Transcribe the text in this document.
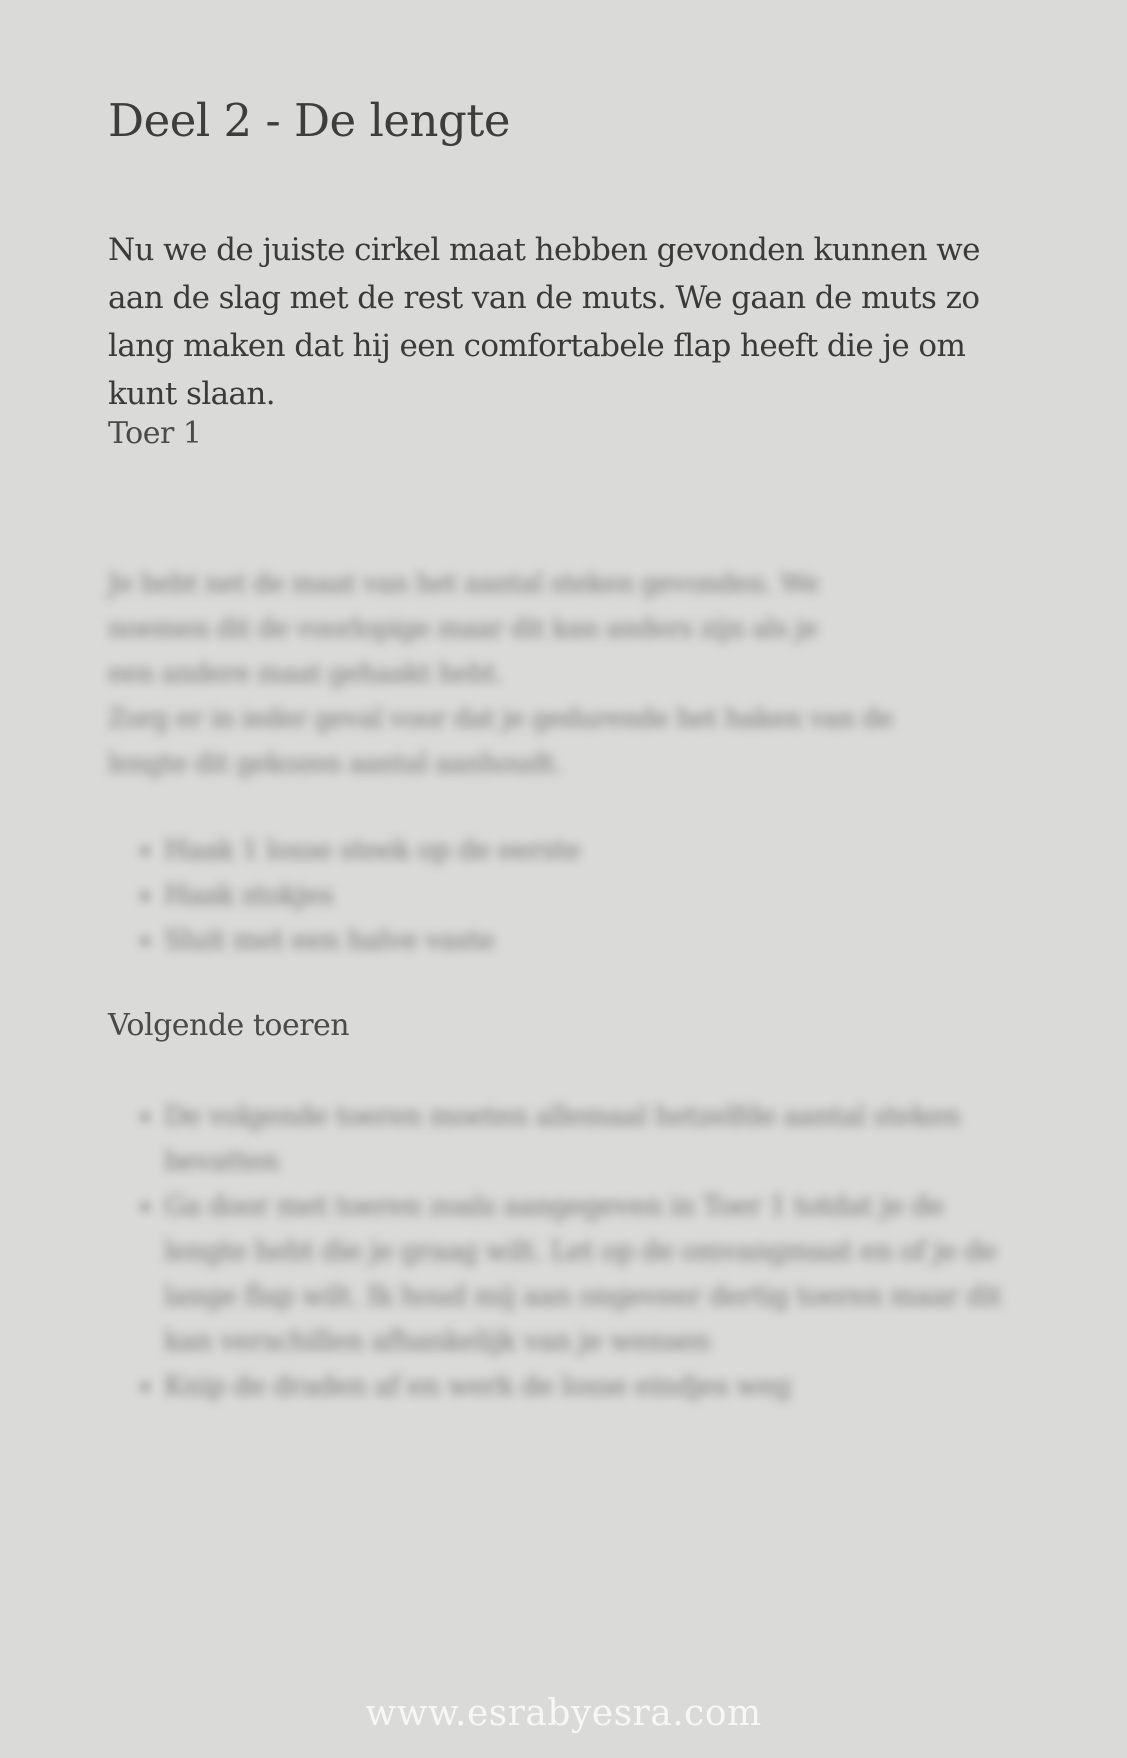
Deel 2 - De lengte

Nu we de juiste cirkel maat hebben gevonden kunnen we aan de slag met de rest van de muts. We gaan de muts zo lang maken dat hij een comfortabele flap heeft die je om kunt slaan.

Toer 1

Je hebt net de maat van het aantal steken gevonden. We
noemen dit de voorlopige maar dit kan anders zijn als je
een andere maat gehaakt hebt.
Zorg er in ieder geval voor dat je gedurende het haken van de
lengte dit gekozen aantal aanhoudt.

• Haak 1 losse steek op de eerste
• Haak stokjes
• Sluit met een halve vaste
Volgende toeren
• De volgende toeren moeten allemaal hetzelfde aantal steken bevatten
• Ga door met toeren zoals aangegeven in Toer 1 totdat je de lengte hebt die je graag wilt. Let op de omvangmaat en of je de lange flap wilt. Ik houd mij aan ongeveer dertig toeren maar dit kan verschillen afhankelijk van je wensen
• Knip de draden af en werk de losse eindjes weg

www.esrabyesra.com
